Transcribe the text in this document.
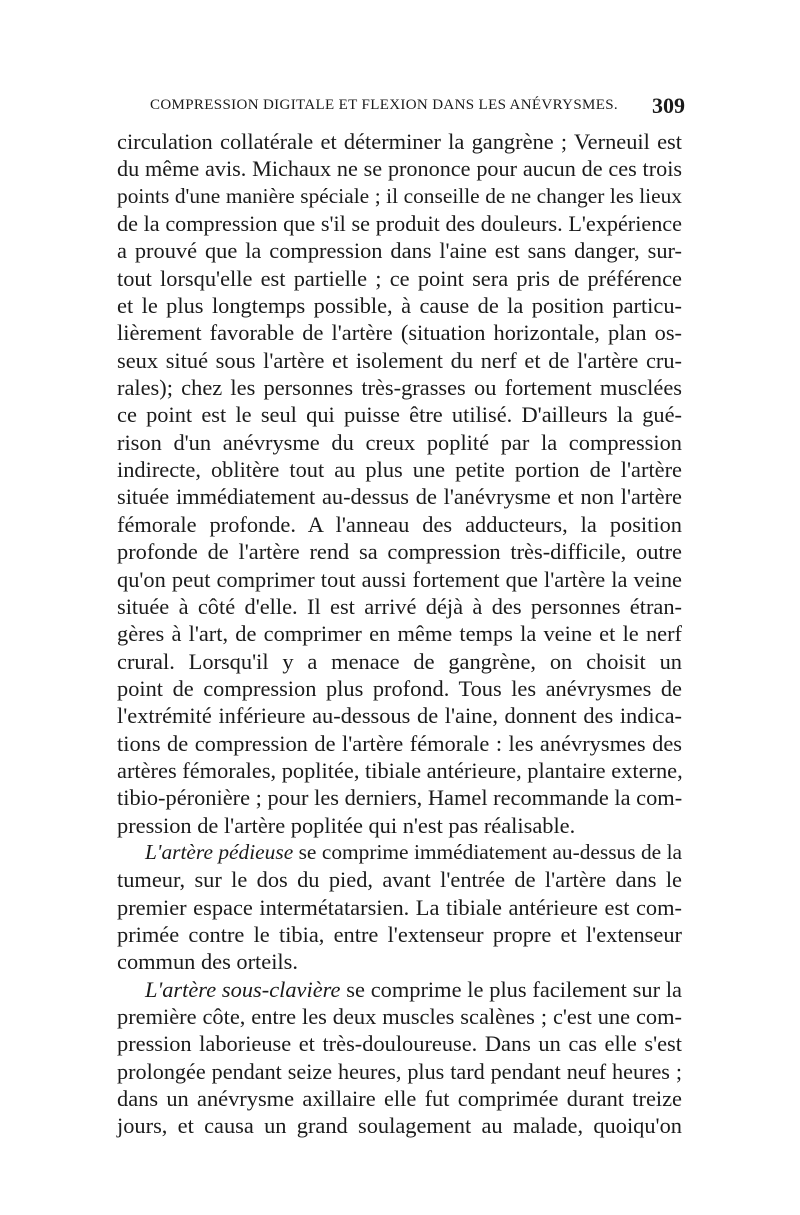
COMPRESSION DIGITALE ET FLEXION DANS LES ANÉVRYSMES. 309
circulation collatérale et déterminer la gangrène ; Verneuil est
du même avis. Michaux ne se prononce pour aucun de ces trois
points d'une manière spéciale ; il conseille de ne changer les lieux
de la compression que s'il se produit des douleurs. L'expérience
a prouvé que la compression dans l'aine est sans danger, sur-
tout lorsqu'elle est partielle ; ce point sera pris de préférence
et le plus longtemps possible, à cause de la position particu-
lièrement favorable de l'artère (situation horizontale, plan os-
seux situé sous l'artère et isolement du nerf et de l'artère cru-
rales); chez les personnes très-grasses ou fortement musclées
ce point est le seul qui puisse être utilisé. D'ailleurs la gué-
rison d'un anévrysme du creux poplité par la compression
indirecte, oblitère tout au plus une petite portion de l'artère
située immédiatement au-dessus de l'anévrysme et non l'artère
fémorale profonde. A l'anneau des adducteurs, la position
profonde de l'artère rend sa compression très-difficile, outre
qu'on peut comprimer tout aussi fortement que l'artère la veine
située à côté d'elle. Il est arrivé déjà à des personnes étran-
gères à l'art, de comprimer en même temps la veine et le nerf
crural. Lorsqu'il y a menace de gangrène, on choisit un
point de compression plus profond. Tous les anévrysmes de
l'extrémité inférieure au-dessous de l'aine, donnent des indica-
tions de compression de l'artère fémorale : les anévrysmes des
artères fémorales, poplitée, tibiale antérieure, plantaire externe,
tibio-péronière ; pour les derniers, Hamel recommande la com-
pression de l'artère poplitée qui n'est pas réalisable.
L'artère pédieuse se comprime immédiatement au-dessus de la
tumeur, sur le dos du pied, avant l'entrée de l'artère dans le
premier espace intermétatarsien. La tibiale antérieure est com-
primée contre le tibia, entre l'extenseur propre et l'extenseur
commun des orteils.
L'artère sous-clavière se comprime le plus facilement sur la
première côte, entre les deux muscles scalènes ; c'est une com-
pression laborieuse et très-douloureuse. Dans un cas elle s'est
prolongée pendant seize heures, plus tard pendant neuf heures ;
dans un anévrysme axillaire elle fut comprimée durant treize
jours, et causa un grand soulagement au malade, quoiqu'on
